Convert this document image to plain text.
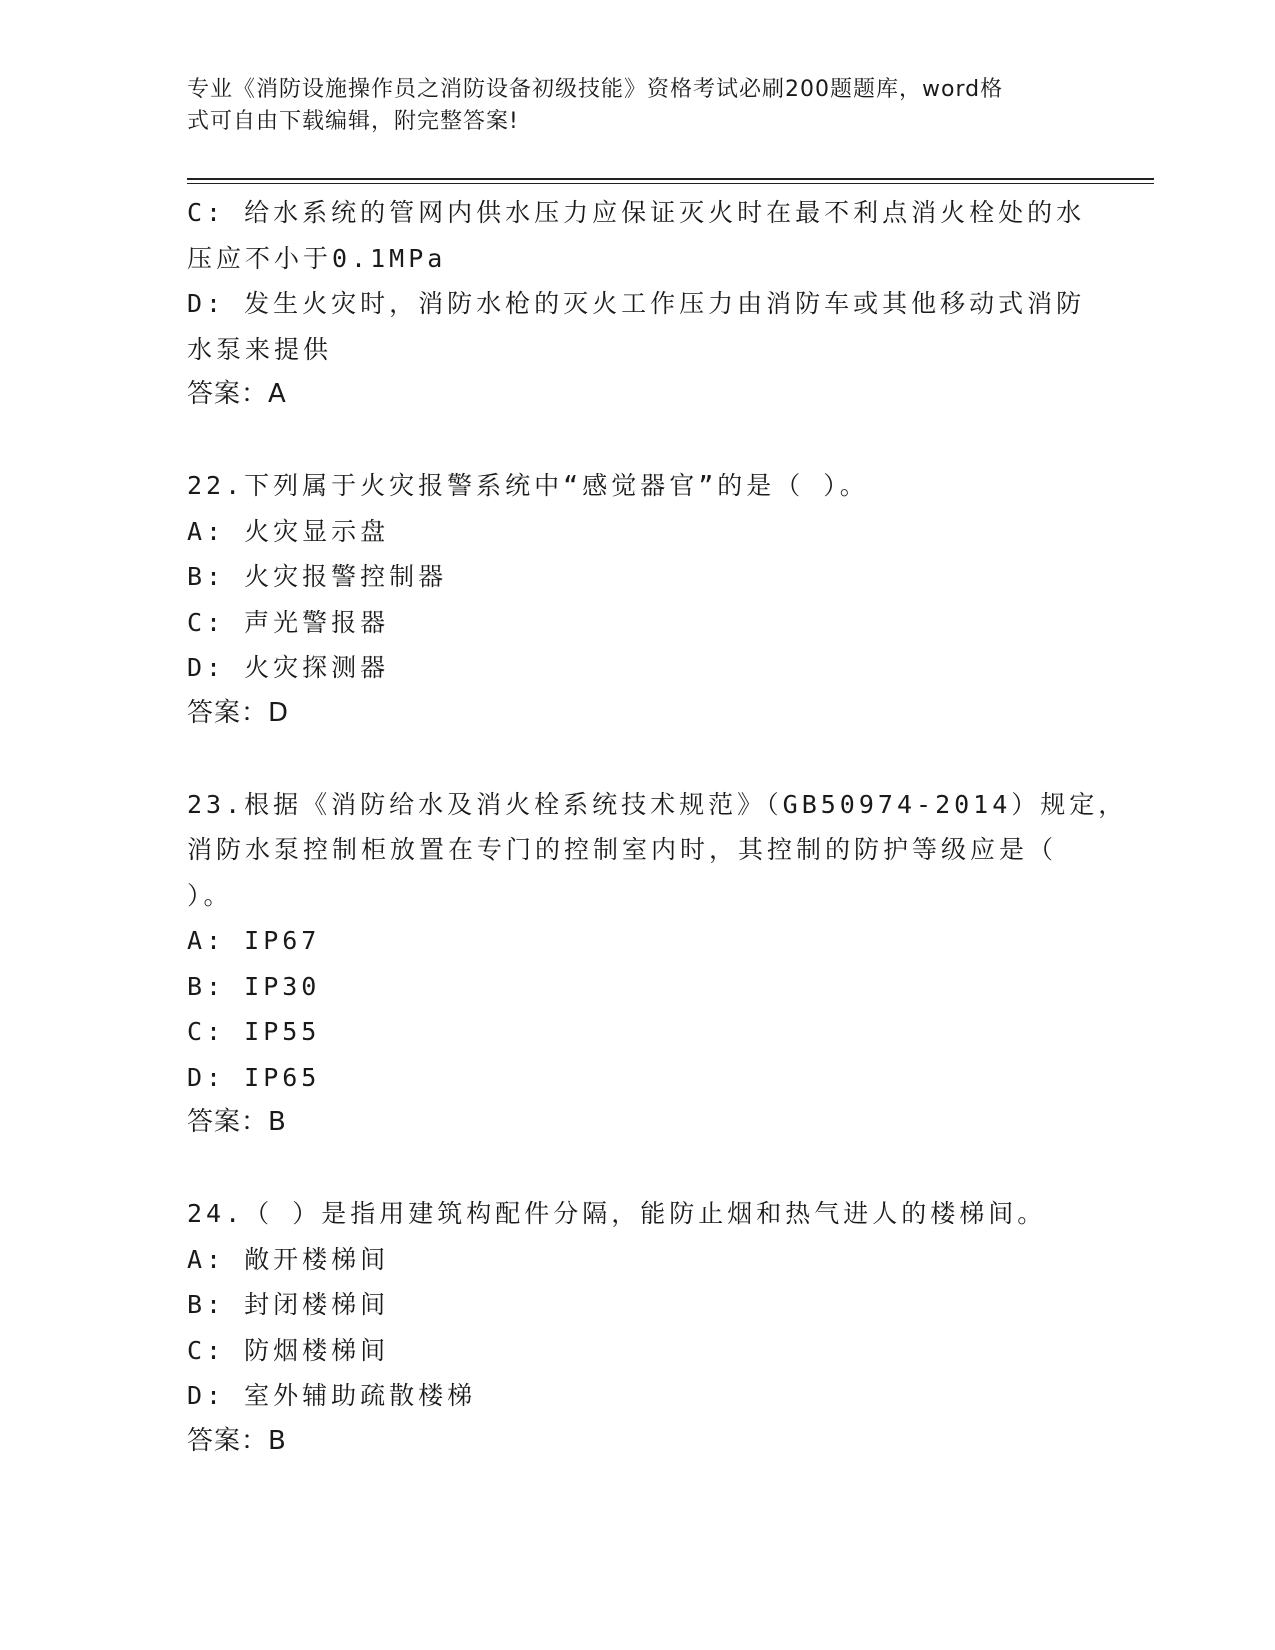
专业《消防设施操作员之消防设备初级技能》资格考试必刷200题题库，word格
式可自由下载编辑，附完整答案!
C: 给水系统的管网内供水压力应保证灭火时在最不利点消火栓处的水
压应不小于0.1MPa
D: 发生火灾时，消防水枪的灭火工作压力由消防车或其他移动式消防
水泵来提供
答案：A
22.下列属于火灾报警系统中“感觉器官”的是（ ）。
A: 火灾显示盘
B: 火灾报警控制器
C: 声光警报器
D: 火灾探测器
答案：D
23.根据《消防给水及消火栓系统技术规范》（GB50974-2014）规定，
消防水泵控制柜放置在专门的控制室内时，其控制的防护等级应是（
）。
A: IP67
B: IP30
C: IP55
D: IP65
答案：B
24.（ ）是指用建筑构配件分隔，能防止烟和热气进人的楼梯间。
A: 敞开楼梯间
B: 封闭楼梯间
C: 防烟楼梯间
D: 室外辅助疏散楼梯
答案：B
